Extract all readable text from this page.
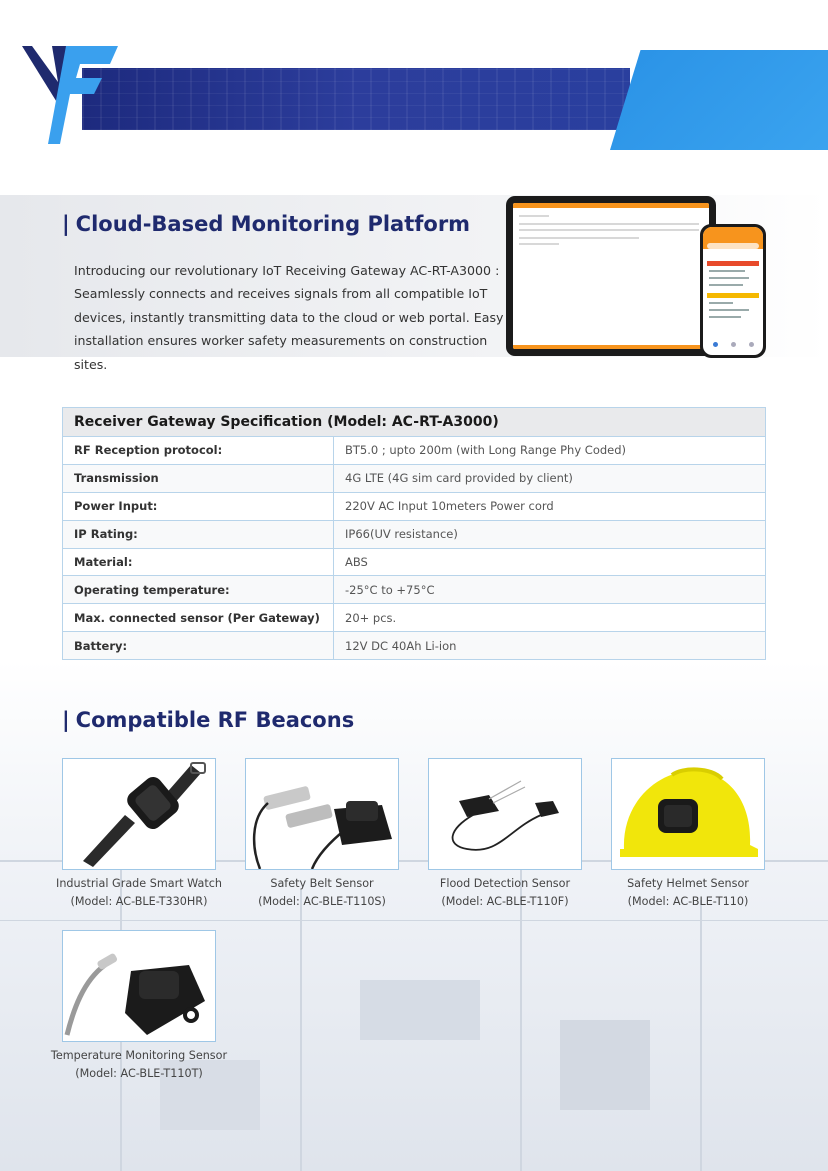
| Cloud-Based Monitoring Platform

Introducing our revolutionary IoT Receiving Gateway AC-RT-A3000 : Seamlessly connects and receives signals from all compatible IoT devices, instantly transmitting data to the cloud or web portal. Easy installation ensures worker safety measurements on construction sites.

Receiver Gateway Specification (Model: AC-RT-A3000)	
RF Reception protocol:	BT5.0 ; upto 200m (with Long Range Phy Coded)
Transmission	4G LTE (4G sim card provided by client)
Power Input:	220V AC Input 10meters Power cord
IP Rating:	IP66(UV resistance)
Material:	ABS
Operating temperature:	-25°C to +75°C
Max. connected sensor (Per Gateway)	20+ pcs.
Battery:	12V DC 40Ah Li-ion
| Compatible RF Beacons
Industrial Grade Smart Watch
(Model: AC-BLE-T330HR)
Safety Belt Sensor
(Model: AC-BLE-T110S)
Flood Detection Sensor
(Model: AC-BLE-T110F)
Safety Helmet Sensor
(Model: AC-BLE-T110)
Temperature Monitoring Sensor
(Model: AC-BLE-T110T)
